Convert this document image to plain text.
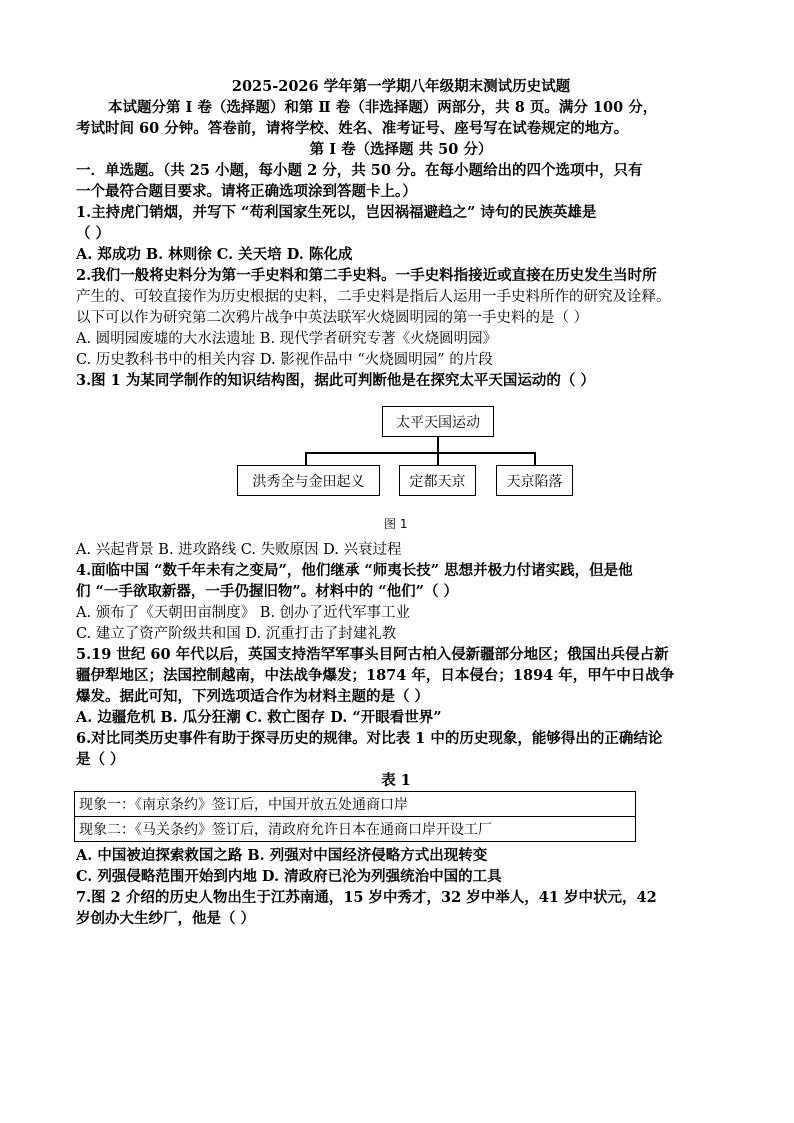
2025-2026 学年第一学期八年级期末测试历史试题
本试题分第 Ⅰ 卷（选择题）和第 Ⅱ 卷（非选择题）两部分，共 8 页。满分 100 分，
考试时间 60 分钟。答卷前，请将学校、姓名、准考证号、座号写在试卷规定的地方。
第 Ⅰ 卷（选择题 共 50 分）
一．单选题。（共 25 小题，每小题 2 分，共 50 分。在每小题给出的四个选项中，只有
一个最符合题目要求。请将正确选项涂到答题卡上。）
1.主持虎门销烟，并写下 “苟利国家生死以，岂因祸福避趋之” 诗句的民族英雄是
（ ）
A. 郑成功 B. 林则徐 C. 关天培 D. 陈化成
2.我们一般将史料分为第一手史料和第二手史料。一手史料指接近或直接在历史发生当时所
产生的、可较直接作为历史根据的史料，二手史料是指后人运用一手史料所作的研究及诠释。
以下可以作为研究第二次鸦片战争中英法联军火烧圆明园的第一手史料的是（ ）
A. 圆明园废墟的大水法遗址 B. 现代学者研究专著《火烧圆明园》
C. 历史教科书中的相关内容 D. 影视作品中 “火烧圆明园” 的片段
3.图 1 为某同学制作的知识结构图，据此可判断他是在探究太平天国运动的（ ）
太平天国运动
洪秀全与金田起义	定都天京	天京陷落
图 1
A. 兴起背景 B. 进攻路线 C. 失败原因 D. 兴衰过程
4.面临中国 “数千年未有之变局”，他们继承 “师夷长技” 思想并极力付诸实践，但是他
们 “一手欲取新器，一手仍握旧物”。材料中的 “他们”（ ）
A. 颁布了《天朝田亩制度》 B. 创办了近代军事工业
C. 建立了资产阶级共和国 D. 沉重打击了封建礼教
5.19 世纪 60 年代以后，英国支持浩罕军事头目阿古柏入侵新疆部分地区；俄国出兵侵占新
疆伊犁地区；法国控制越南，中法战争爆发；1874 年，日本侵台；1894 年，甲午中日战争
爆发。据此可知，下列选项适合作为材料主题的是（ ）
A. 边疆危机 B. 瓜分狂潮 C. 救亡图存 D. “开眼看世界”
6.对比同类历史事件有助于探寻历史的规律。对比表 1 中的历史现象，能够得出的正确结论
是（ ）
表 1
现象一：《南京条约》签订后，中国开放五处通商口岸
现象二：《马关条约》签订后，清政府允许日本在通商口岸开设工厂
A. 中国被迫探索救国之路 B. 列强对中国经济侵略方式出现转变
C. 列强侵略范围开始到内地 D. 清政府已沦为列强统治中国的工具
7.图 2 介绍的历史人物出生于江苏南通，15 岁中秀才，32 岁中举人，41 岁中状元，42
岁创办大生纱厂，他是（ ）
